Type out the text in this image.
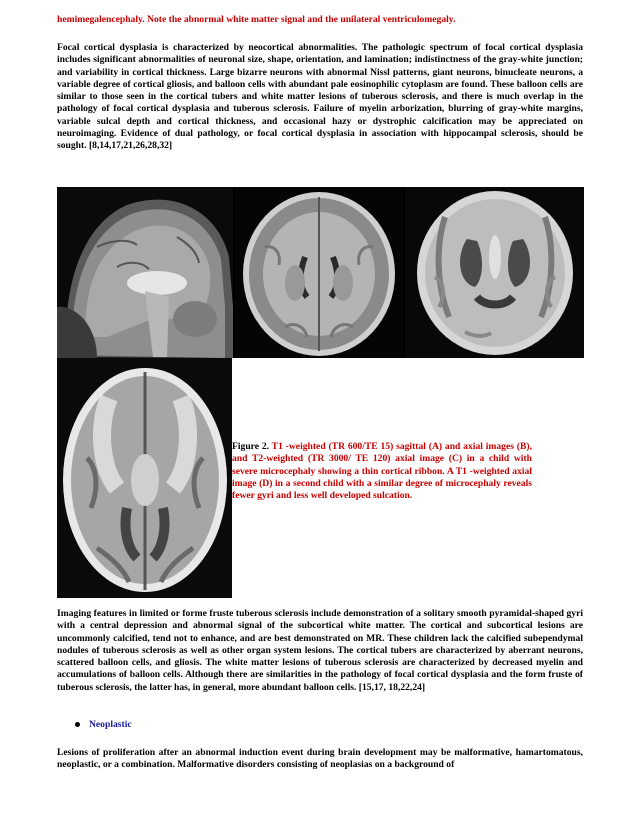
hemimegalencephaly. Note the abnormal white matter signal and the unilateral ventriculomegaly.

Focal cortical dysplasia is characterized by neocortical abnormalities. The pathologic spectrum of focal cortical dysplasia includes significant abnormalities of neuronal size, shape, orientation, and lamination; indistinctness of the gray-white junction; and variability in cortical thickness. Large bizarre neurons with abnormal Nissl patterns, giant neurons, binucleate neurons, a variable degree of cortical gliosis, and balloon cells with abundant pale eosinophilic cytoplasm are found. These balloon cells are similar to those seen in the cortical tubers and white matter lesions of tuberous sclerosis, and there is much overlap in the pathology of focal cortical dysplasia and tuberous sclerosis. Failure of myelin arborization, blurring of gray-white margins, variable sulcal depth and cortical thickness, and occasional hazy or dystrophic calcification may be appreciated on neuroimaging. Evidence of dual pathology, or focal cortical dysplasia in association with hippocampal sclerosis, should be sought. [8,14,17,21,26,28,32]

Figure 2. T1 -weighted (TR 600/TE 15) sagittal (A) and axial images (B), and T2-weighted (TR 3000/ TE 120) axial image (C) in a child with severe microcephaly showing a thin cortical ribbon. A T1 -weighted axial image (D) in a second child with a similar degree of microcephaly reveals fewer gyri and less well developed sulcation.

Imaging features in limited or forme fruste tuberous sclerosis include demonstration of a solitary smooth pyramidal-shaped gyri with a central depression and abnormal signal of the subcortical white matter. The cortical and subcortical lesions are uncommonly calcified, tend not to enhance, and are best demonstrated on MR. These children lack the calcified subependymal nodules of tuberous sclerosis as well as other organ system lesions. The cortical tubers are characterized by aberrant neurons, scattered balloon cells, and gliosis. The white matter lesions of tuberous sclerosis are characterized by decreased myelin and accumulations of balloon cells. Although there are similarities in the pathology of focal cortical dysplasia and the form fruste of tuberous sclerosis, the latter has, in general, more abundant balloon cells. [15,17, 18,22,24]

Neoplastic

Lesions of proliferation after an abnormal induction event during brain development may be malformative, hamartomatous, neoplastic, or a combination. Malformative disorders consisting of neoplasias on a background of
